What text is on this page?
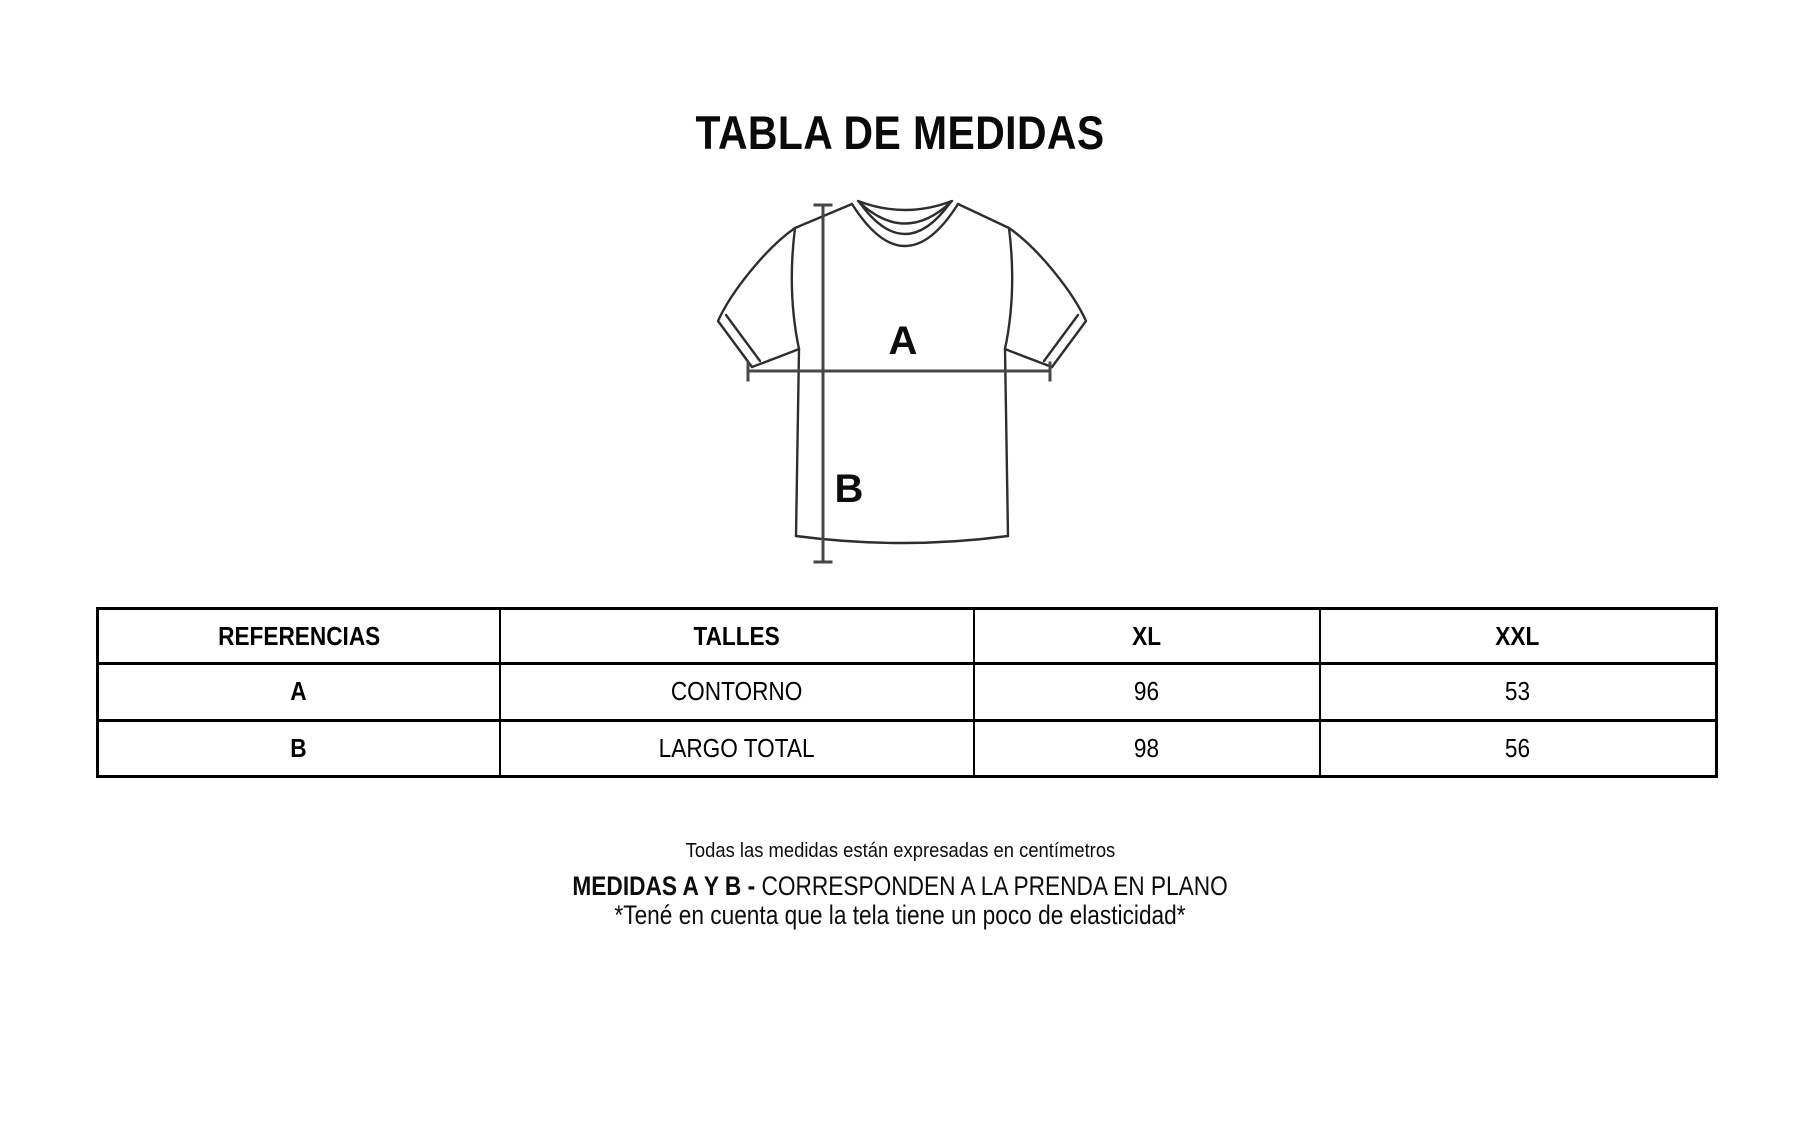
TABLA DE MEDIDAS
A
B
REFERENCIAS	TALLES	XL	XXL
A	CONTORNO	96	53
B	LARGO TOTAL	98	56
Todas las medidas están expresadas en centímetros
MEDIDAS A Y B - CORRESPONDEN A LA PRENDA EN PLANO
*Tené en cuenta que la tela tiene un poco de elasticidad*
